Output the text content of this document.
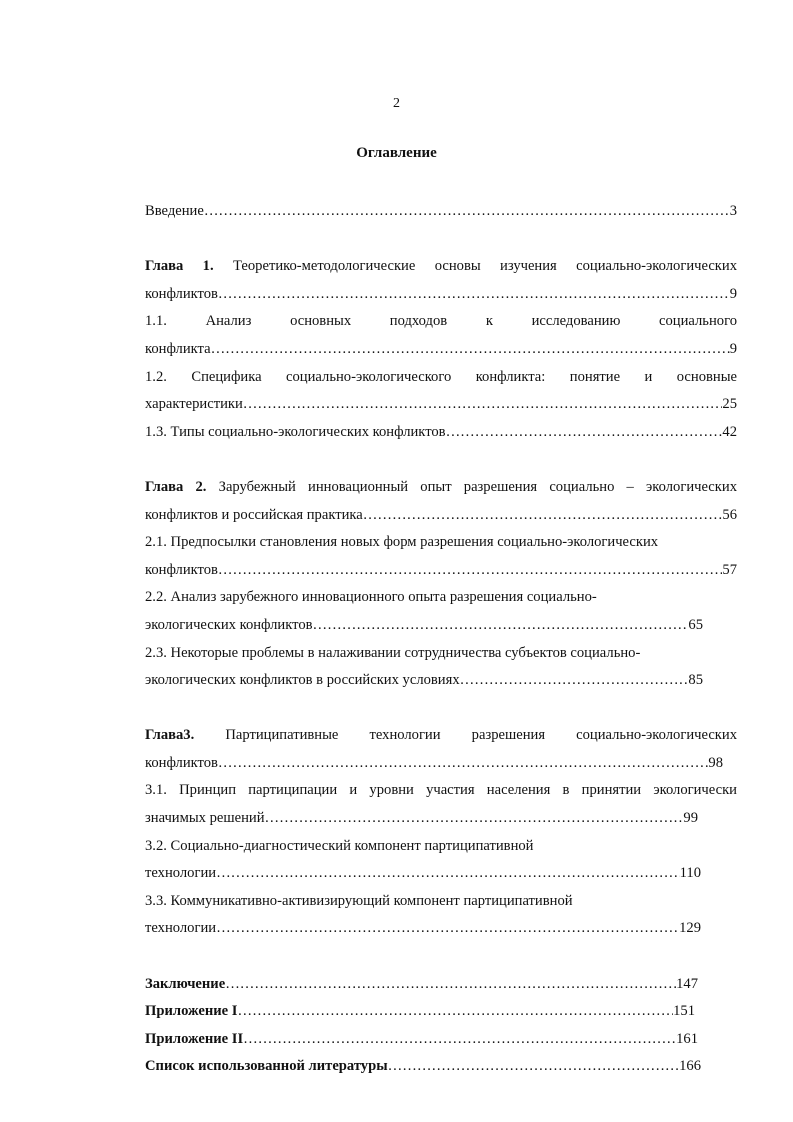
2
Оглавление
Введение …………………………………………………………………………………………………………………………………………………………………	3
Глава 1. Теоретико-методологические основы изучения социально-экологических
конфликтов …………………………………………………………………………………………………………………………………………………………………	9
1.1. Анализ основных подходов к исследованию социального
конфликта …………………………………………………………………………………………………………………………………………………………………	9
1.2. Специфика социально-экологического конфликта: понятие и основные
характеристики …………………………………………………………………………………………………………………………………………………………………	25
1.3. Типы социально-экологических конфликтов …………………………………………………………………………………………………………………………………………………………………	42
Глава 2. Зарубежный инновационный опыт разрешения социально – экологических
конфликтов и российская практика …………………………………………………………………………………………………………………………………………………………………	56
2.1. Предпосылки становления новых форм разрешения социально-экологических
конфликтов …………………………………………………………………………………………………………………………………………………………………	57
2.2. Анализ зарубежного инновационного опыта разрешения социально-
экологических конфликтов …………………………………………………………………………………………………………………………………………………………………	65
2.3. Некоторые проблемы в налаживании сотрудничества субъектов социально-
экологических конфликтов в российских условиях …………………………………………………………………………………………………………………………………………………………………	85
Глава3. Партиципативные технологии разрешения социально-экологических
конфликтов …………………………………………………………………………………………………………………………………………………………………	98
3.1. Принцип партиципации и уровни участия населения в принятии экологически
значимых решений …………………………………………………………………………………………………………………………………………………………………	99
3.2. Социально-диагностический компонент партиципативной
технологии …………………………………………………………………………………………………………………………………………………………………	110
3.3. Коммуникативно-активизирующий компонент партиципативной
технологии …………………………………………………………………………………………………………………………………………………………………	129
Заключение …………………………………………………………………………………………………………………………………………………………………	147
Приложение I …………………………………………………………………………………………………………………………………………………………………	151
Приложение II …………………………………………………………………………………………………………………………………………………………………	161
Список использованной литературы …………………………………………………………………………………………………………………………………………………………………	166
